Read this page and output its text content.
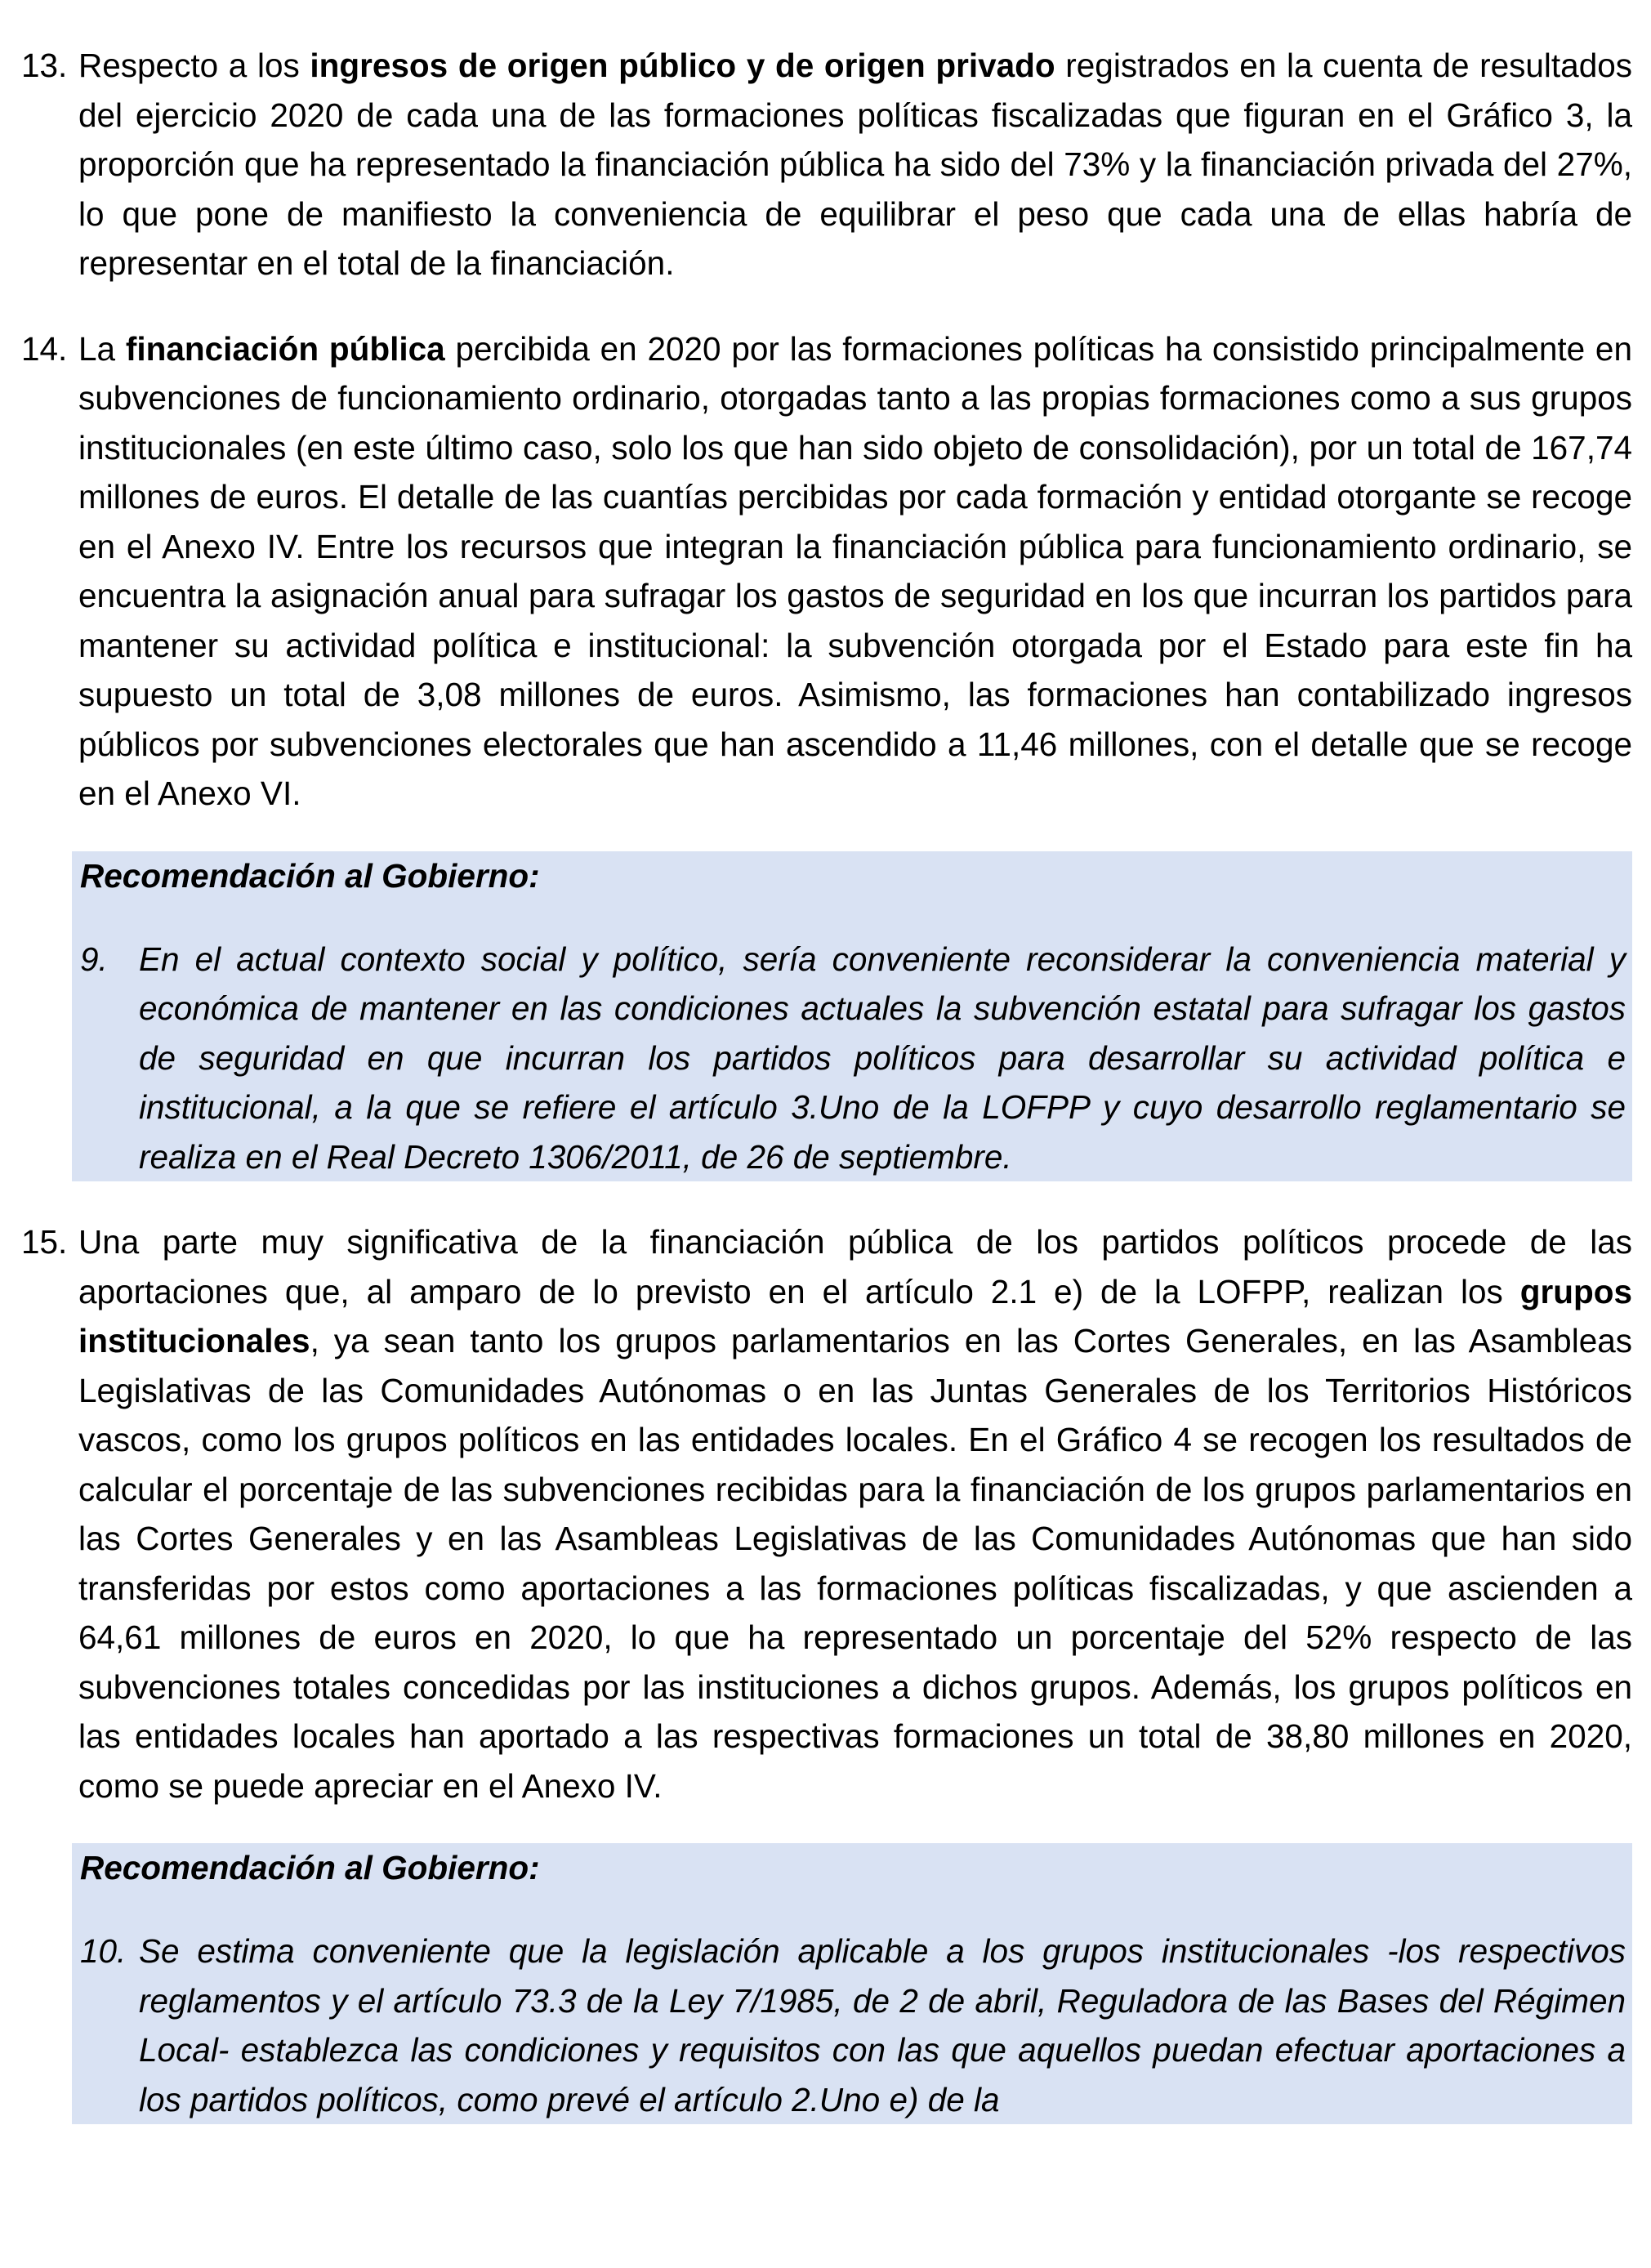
13. Respecto a los ingresos de origen público y de origen privado registrados en la cuenta de resultados del ejercicio 2020 de cada una de las formaciones políticas fiscalizadas que figuran en el Gráfico 3, la proporción que ha representado la financiación pública ha sido del 73% y la financiación privada del 27%, lo que pone de manifiesto la conveniencia de equilibrar el peso que cada una de ellas habría de representar en el total de la financiación.

14. La financiación pública percibida en 2020 por las formaciones políticas ha consistido principalmente en subvenciones de funcionamiento ordinario, otorgadas tanto a las propias formaciones como a sus grupos institucionales (en este último caso, solo los que han sido objeto de consolidación), por un total de 167,74 millones de euros. El detalle de las cuantías percibidas por cada formación y entidad otorgante se recoge en el Anexo IV. Entre los recursos que integran la financiación pública para funcionamiento ordinario, se encuentra la asignación anual para sufragar los gastos de seguridad en los que incurran los partidos para mantener su actividad política e institucional: la subvención otorgada por el Estado para este fin ha supuesto un total de 3,08 millones de euros. Asimismo, las formaciones han contabilizado ingresos públicos por subvenciones electorales que han ascendido a 11,46 millones, con el detalle que se recoge en el Anexo VI.

Recomendación al Gobierno:
9. En el actual contexto social y político, sería conveniente reconsiderar la conveniencia material y económica de mantener en las condiciones actuales la subvención estatal para sufragar los gastos de seguridad en que incurran los partidos políticos para desarrollar su actividad política e institucional, a la que se refiere el artículo 3.Uno de la LOFPP y cuyo desarrollo reglamentario se realiza en el Real Decreto 1306/2011, de 26 de septiembre.
15. Una parte muy significativa de la financiación pública de los partidos políticos procede de las aportaciones que, al amparo de lo previsto en el artículo 2.1 e) de la LOFPP, realizan los grupos institucionales, ya sean tanto los grupos parlamentarios en las Cortes Generales, en las Asambleas Legislativas de las Comunidades Autónomas o en las Juntas Generales de los Territorios Históricos vascos, como los grupos políticos en las entidades locales. En el Gráfico 4 se recogen los resultados de calcular el porcentaje de las subvenciones recibidas para la financiación de los grupos parlamentarios en las Cortes Generales y en las Asambleas Legislativas de las Comunidades Autónomas que han sido transferidas por estos como aportaciones a las formaciones políticas fiscalizadas, y que ascienden a 64,61 millones de euros en 2020, lo que ha representado un porcentaje del 52% respecto de las subvenciones totales concedidas por las instituciones a dichos grupos. Además, los grupos políticos en las entidades locales han aportado a las respectivas formaciones un total de 38,80 millones en 2020, como se puede apreciar en el Anexo IV.

Recomendación al Gobierno:
10. Se estima conveniente que la legislación aplicable a los grupos institucionales -los respectivos reglamentos y el artículo 73.3 de la Ley 7/1985, de 2 de abril, Reguladora de las Bases del Régimen Local- establezca las condiciones y requisitos con las que aquellos puedan efectuar aportaciones a los partidos políticos, como prevé el artículo 2.Uno e) de la
